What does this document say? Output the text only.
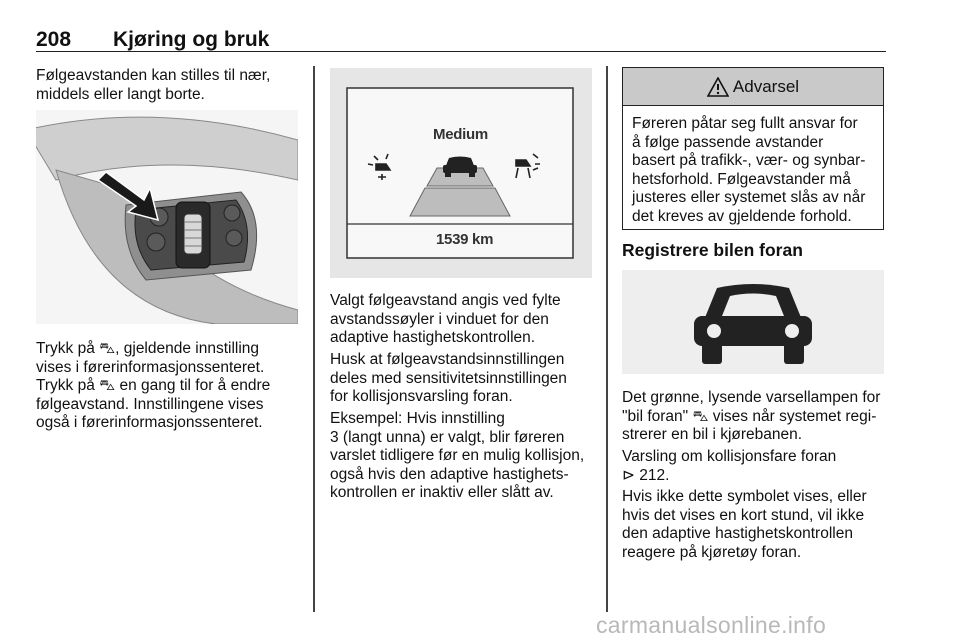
208 Kjøring og bruk
Følgeavstanden kan stilles til nær,
middels eller langt borte.
Trykk på ⛍, gjeldende innstilling
vises i førerinformasjonssenteret.
Trykk på ⛍ en gang til for å endre
følgeavstand. Innstillingene vises
også i førerinformasjonssenteret.
Medium
1539 km
Valgt følgeavstand angis ved fylte
avstandssøyler i vinduet for den
adaptive hastighetskontrollen.
Husk at følgeavstandsinnstillingen
deles med sensitivitetsinnstillingen
for kollisjonsvarsling foran.
Eksempel: Hvis innstilling
3 (langt unna) er valgt, blir føreren
varslet tidligere før en mulig kollisjon,
også hvis den adaptive hastighets-
kontrollen er inaktiv eller slått av.
Advarsel
Føreren påtar seg fullt ansvar for
å følge passende avstander
basert på trafikk-, vær- og synbar-
hetsforhold. Følgeavstander må
justeres eller systemet slås av når
det kreves av gjeldende forhold.
Registrere bilen foran
Det grønne, lysende varsellampen for
"bil foran" ⛍ vises når systemet regi-
strerer en bil i kjørebanen.
Varsling om kollisjonsfare foran
⊳ 212.
Hvis ikke dette symbolet vises, eller
hvis det vises en kort stund, vil ikke
den adaptive hastighetskontrollen
reagere på kjøretøy foran.
carmanualsonline.info
